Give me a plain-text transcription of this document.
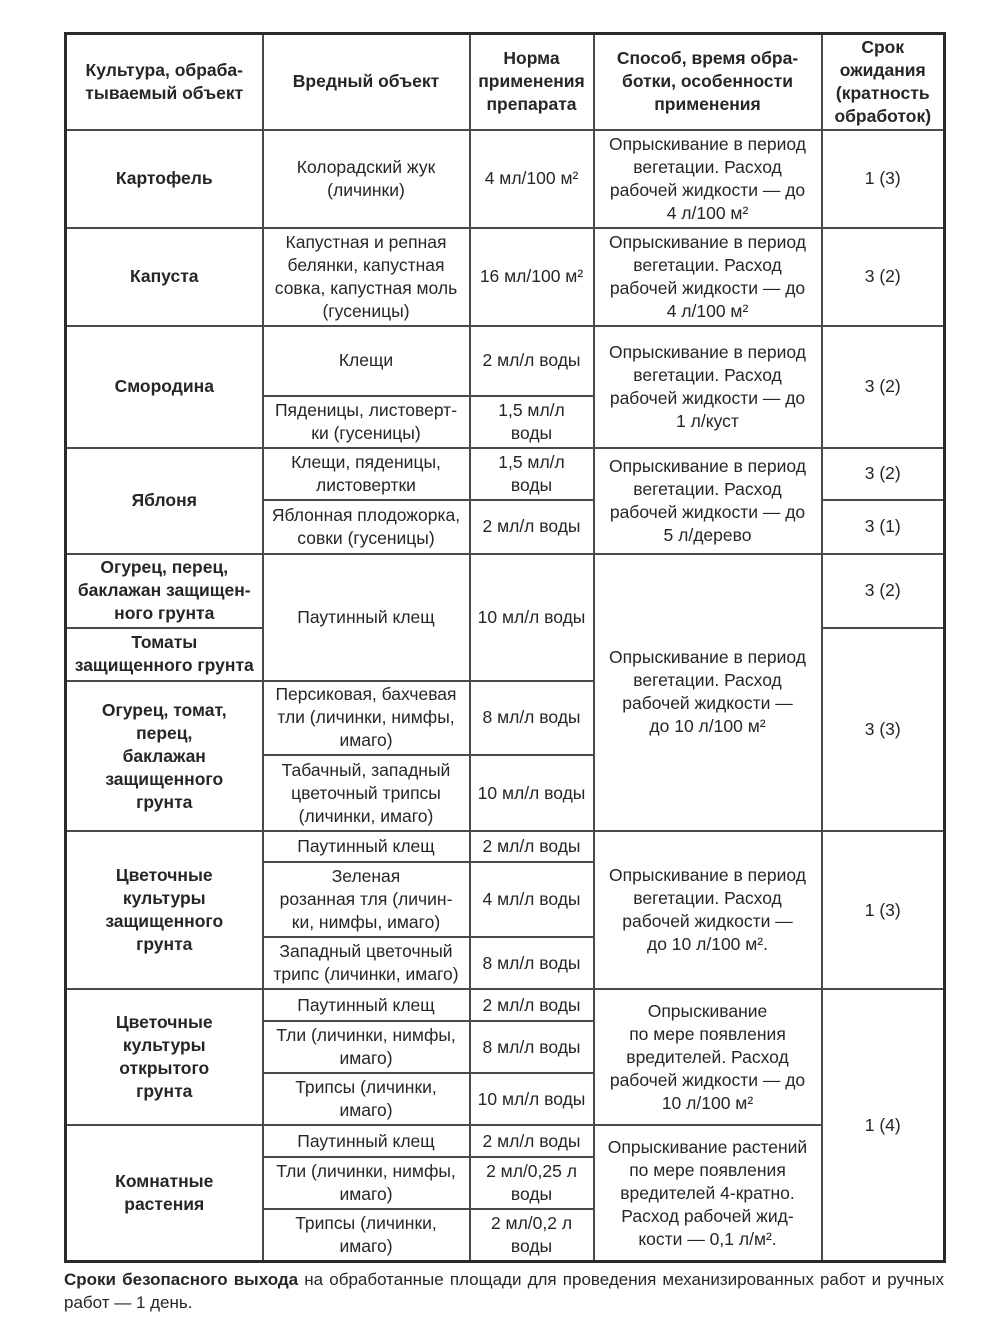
Культура, обраба-
тываемый объект	Вредный объект	Норма
применения
препарата	Способ, время обра-
ботки, особенности
применения	Срок
ожидания
(кратность
обработок)
Картофель	Колорадский жук
(личинки)	4 мл/100 м²	Опрыскивание в период
вегетации. Расход
рабочей жидкости — до
4 л/100 м²	1 (3)
Капуста	Капустная и репная
белянки, капустная
совка, капустная моль
(гусеницы)	16 мл/100 м²	Опрыскивание в период
вегетации. Расход
рабочей жидкости — до
4 л/100 м²	3 (2)
Смородина	Клещи	2 мл/л воды	Опрыскивание в период
вегетации. Расход
рабочей жидкости — до
1 л/куст	3 (2)
	Пяденицы, листоверт-
ки (гусеницы)	1,5 мл/л
воды		
Яблоня	Клещи, пяденицы,
листовертки	1,5 мл/л
воды	Опрыскивание в период
вегетации. Расход
рабочей жидкости — до
5 л/дерево	3 (2)
	Яблонная плодожорка,
совки (гусеницы)	2 мл/л воды		3 (1)
Огурец, перец,
баклажан защищен-
ного грунта	Паутинный клещ	10 мл/л воды	Опрыскивание в период
вегетации. Расход
рабочей жидкости —
до 10 л/100 м²	3 (2)
Томаты
защищенного грунта				3 (3)
Огурец, томат,
перец,
баклажан
защищенного
грунта	Персиковая, бахчевая
тли (личинки, нимфы,
имаго)	8 мл/л воды		
	Табачный, западный
цветочный трипсы
(личинки, имаго)	10 мл/л воды		
Цветочные
культуры
защищенного
грунта	Паутинный клещ	2 мл/л воды	Опрыскивание в период
вегетации. Расход
рабочей жидкости —
до 10 л/100 м².	1 (3)
	Зеленая
розанная тля (личин-
ки, нимфы, имаго)	4 мл/л воды		
	Западный цветочный
трипс (личинки, имаго)	8 мл/л воды		
Цветочные
культуры
открытого
грунта	Паутинный клещ	2 мл/л воды	Опрыскивание
по мере появления
вредителей. Расход
рабочей жидкости — до
10 л/100 м²	1 (4)
	Тли (личинки, нимфы,
имаго)	8 мл/л воды		
	Трипсы (личинки,
имаго)	10 мл/л воды		
Комнатные
растения	Паутинный клещ	2 мл/л воды	Опрыскивание растений
по мере появления
вредителей 4-кратно.
Расход рабочей жид-
кости — 0,1 л/м².	
	Тли (личинки, нимфы,
имаго)	2 мл/0,25 л
воды		
	Трипсы (личинки,
имаго)	2 мл/0,2 л
воды		
Сроки безопасного выхода на обработанные площади для проведения механизированных работ и ручных работ — 1 день.
